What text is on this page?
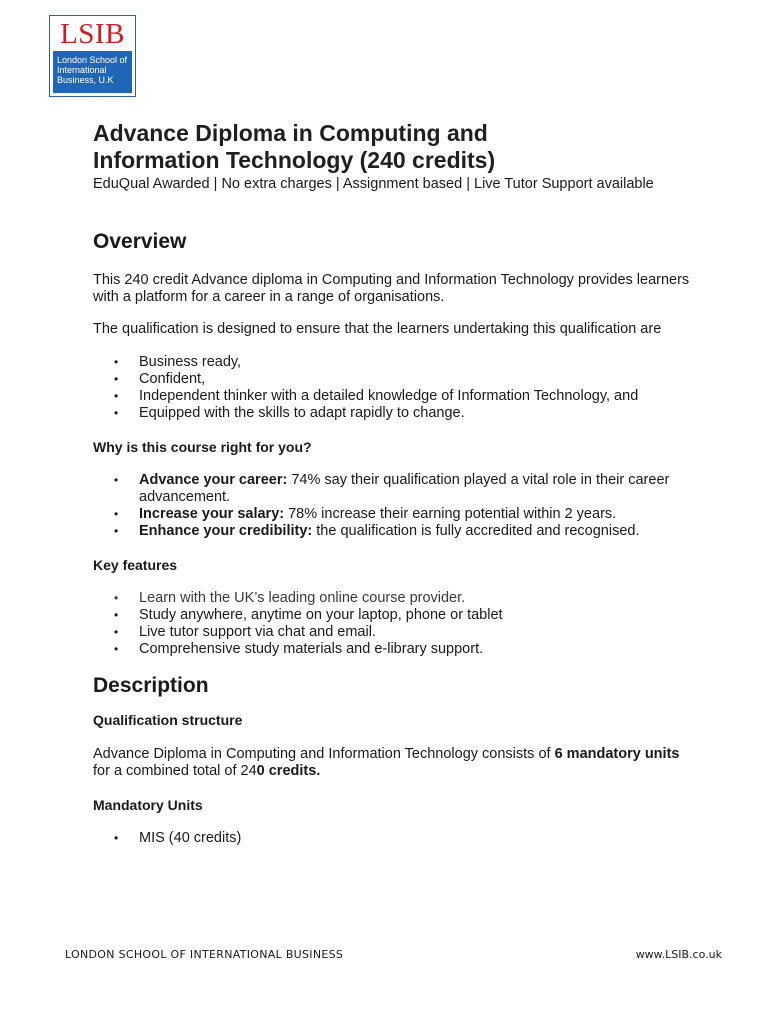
LSIB
London School of
International
Business, U.K
Advance Diploma in Computing and
Information Technology (240 credits)

EduQual Awarded | No extra charges | Assignment based | Live Tutor Support available

Overview

This 240 credit Advance diploma in Computing and Information Technology provides learners with a platform for a career in a range of organisations.

The qualification is designed to ensure that the learners undertaking this qualification are

• Business ready,
• Confident,
• Independent thinker with a detailed knowledge of Information Technology, and
• Equipped with the skills to adapt rapidly to change.
Why is this course right for you?
• Advance your career: 74% say their qualification played a vital role in their career advancement.
• Increase your salary: 78% increase their earning potential within 2 years.
• Enhance your credibility: the qualification is fully accredited and recognised.
Key features
• Learn with the UK’s leading online course provider.
• Study anywhere, anytime on your laptop, phone or tablet
• Live tutor support via chat and email.
• Comprehensive study materials and e-library support.
Description
Qualification structure

Advance Diploma in Computing and Information Technology consists of 6 mandatory units for a combined total of 240 credits.

Mandatory Units
• MIS (40 credits)
LONDON SCHOOL OF INTERNATIONAL BUSINESS	www.LSIB.co.uk
